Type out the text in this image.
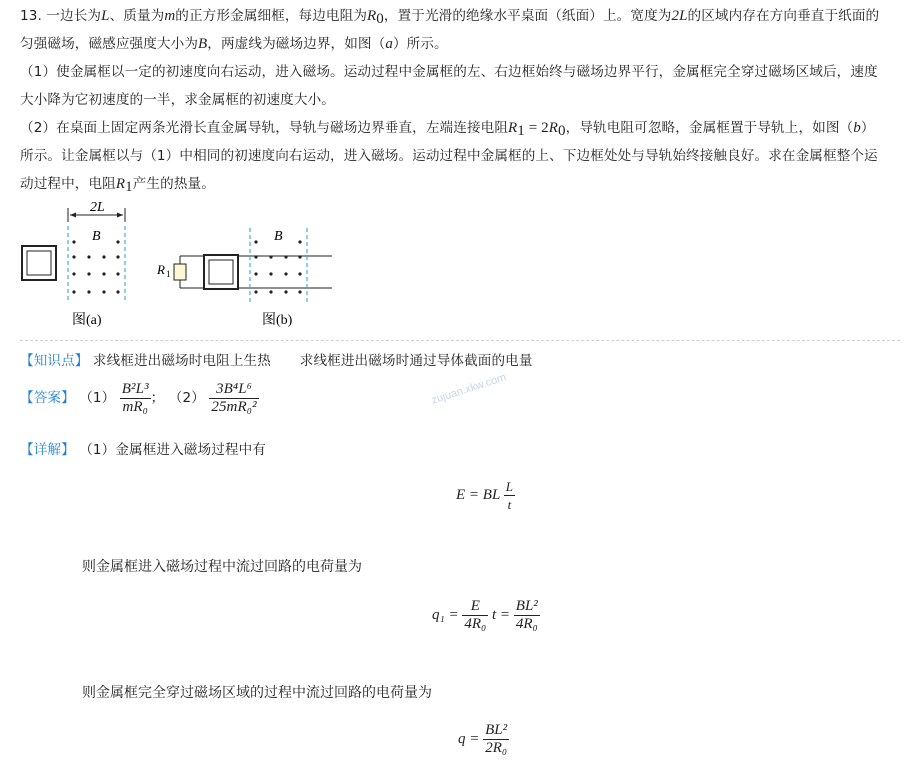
13. 一边长为L、质量为m的正方形金属细框，每边电阻为$R_0$，置于光滑的绝缘水平桌面（纸面）上。宽度为2L的区域内存在方向垂直于纸面的
匀强磁场，磁感应强度大小为B，两虚线为磁场边界，如图（a）所示。
（1）使金属框以一定的初速度向右运动，进入磁场。运动过程中金属框的左、右边框始终与磁场边界平行，金属框完全穿过磁场区域后，速度
大小降为它初速度的一半，求金属框的初速度大小。
（2）在桌面上固定两条光滑长直金属导轨，导轨与磁场边界垂直，左端连接电阻$R_1 = 2R_0$，导轨电阻可忽略，金属框置于导轨上，如图（b）
所示。让金属框以与（1）中相同的初速度向右运动，进入磁场。运动过程中金属框的上、下边框处处与导轨始终接触良好。求在金属框整个运
动过程中，电阻$R_1$产生的热量。
2L
B
图(a)
R 1
B
图(b)
【知识点】 求线框进出磁场时电阻上生热 求线框进出磁场时通过导体截面的电量
【答案】 $(1) \frac{\text{B²L³}}{\text{mR₀}}$ ； $(2) \frac{\text{3B⁴L⁶}}{\text{25mR₀²}}$	zujuan.xkw.com
【详解】 （1）金属框进入磁场过程中有
E = BL $\frac{L}{t}$
则金属框进入磁场过程中流过回路的电荷量为
$q_1 = \frac{E}{\text{4R₀}}$ $t = \frac{\text{BL²}}{\text{4R₀}}$
则金属框完全穿过磁场区域的过程中流过回路的电荷量为
$q = \frac{\text{BL²}}{\text{2R₀}}$
